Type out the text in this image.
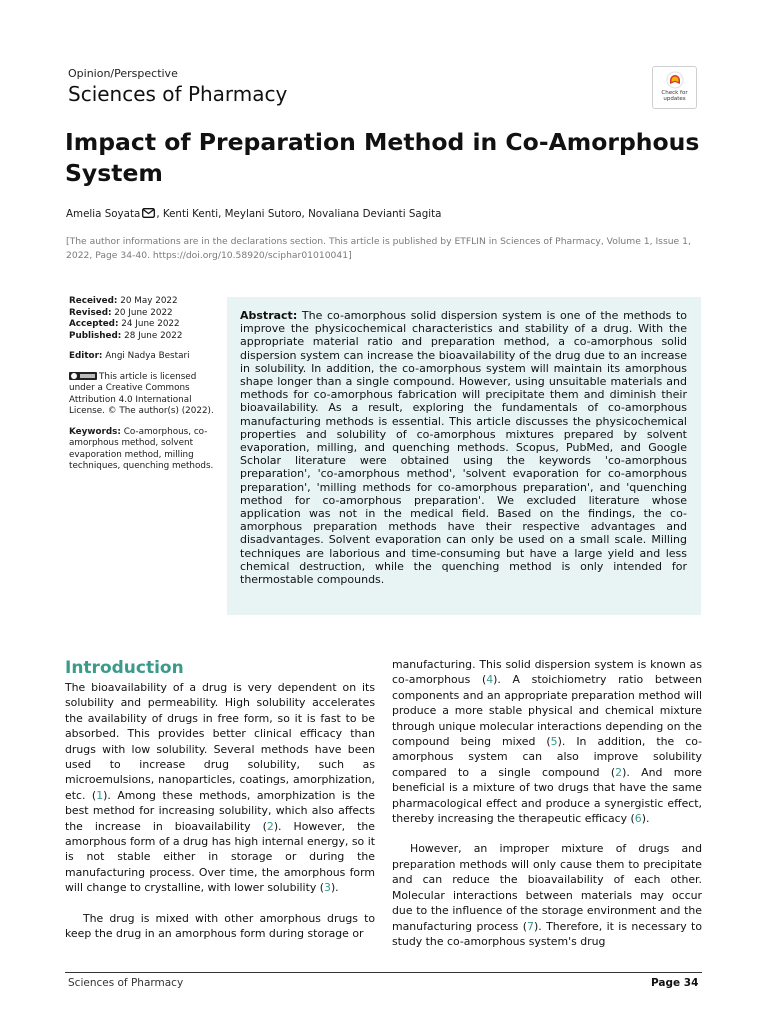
Opinion/Perspective
Sciences of Pharmacy	Check for
updates
Impact of Preparation Method in Co-Amorphous System
Amelia Soyata , Kenti Kenti, Meylani Sutoro, Novaliana Devianti Sagita
[The author informations are in the declarations section. This article is published by ETFLIN in Sciences of Pharmacy, Volume 1, Issue 1, 2022, Page 34-40. https://doi.org/10.58920/sciphar01010041]
Received: 20 May 2022
Revised: 20 June 2022
Accepted: 24 June 2022
Published: 28 June 2022
Editor: Angi Nadya Bestari
This article is licensed under a Creative Commons Attribution 4.0 International License. © The author(s) (2022).
Keywords: Co-amorphous, co-amorphous method, solvent evaporation method, milling techniques, quenching methods.
Abstract: The co-amorphous solid dispersion system is one of the methods to improve the physicochemical characteristics and stability of a drug. With the appropriate material ratio and preparation method, a co-amorphous solid dispersion system can increase the bioavailability of the drug due to an increase in solubility. In addition, the co-amorphous system will maintain its amorphous shape longer than a single compound. However, using unsuitable materials and methods for co-amorphous fabrication will precipitate them and diminish their bioavailability. As a result, exploring the fundamentals of co-amorphous manufacturing methods is essential. This article discusses the physicochemical properties and solubility of co-amorphous mixtures prepared by solvent evaporation, milling, and quenching methods. Scopus, PubMed, and Google Scholar literature were obtained using the keywords 'co-amorphous preparation', 'co-amorphous method', 'solvent evaporation for co-amorphous preparation', 'milling methods for co-amorphous preparation', and 'quenching method for co-amorphous preparation'. We excluded literature whose application was not in the medical field. Based on the findings, the co-amorphous preparation methods have their respective advantages and disadvantages. Solvent evaporation can only be used on a small scale. Milling techniques are laborious and time-consuming but have a large yield and less chemical destruction, while the quenching method is only intended for thermostable compounds.
Introduction

The bioavailability of a drug is very dependent on its solubility and permeability. High solubility accelerates the availability of drugs in free form, so it is fast to be absorbed. This provides better clinical efficacy than drugs with low solubility. Several methods have been used to increase drug solubility, such as microemulsions, nanoparticles, coatings, amorphization, etc. (1). Among these methods, amorphization is the best method for increasing solubility, which also affects the increase in bioavailability (2). However, the amorphous form of a drug has high internal energy, so it is not stable either in storage or during the manufacturing process. Over time, the amorphous form will change to crystalline, with lower solubility (3).

The drug is mixed with other amorphous drugs to keep the drug in an amorphous form during storage or

manufacturing. This solid dispersion system is known as co-amorphous (4). A stoichiometry ratio between components and an appropriate preparation method will produce a more stable physical and chemical mixture through unique molecular interactions depending on the compound being mixed (5). In addition, the co-amorphous system can also improve solubility compared to a single compound (2). And more beneficial is a mixture of two drugs that have the same pharmacological effect and produce a synergistic effect, thereby increasing the therapeutic efficacy (6).

However, an improper mixture of drugs and preparation methods will only cause them to precipitate and can reduce the bioavailability of each other. Molecular interactions between materials may occur due to the influence of the storage environment and the manufacturing process (7). Therefore, it is necessary to study the co-amorphous system's drug

Sciences of Pharmacy	Page 34
